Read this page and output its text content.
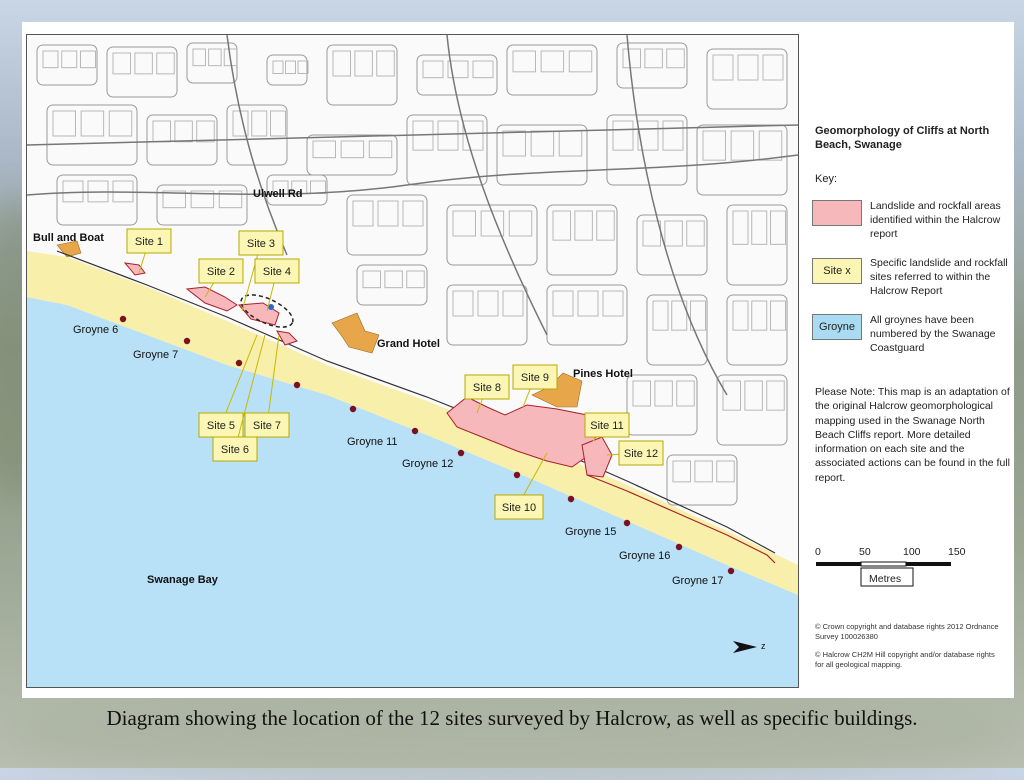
Ulwell Rd
Bull and Boat
Grand Hotel
Pines Hotel
Swanage Bay
Groyne 6
Groyne 7
Groyne 11
Groyne 12
Groyne 15
Groyne 16
Groyne 17
Site 1
Site 2
Site 3
Site 4
Site 5
Site 6
Site 7
Site 8
Site 9
Site 10
Site 11
Site 12
z
Geomorphology of Cliffs at North Beach, Swanage
Key:
Landslide and rockfall areas identified within the Halcrow report
Site x
Specific landslide and rockfall sites referred to within the Halcrow Report
Groyne
All groynes have been numbered by the Swanage Coastguard
Please Note: This map is an adaptation of the original Halcrow geomorphological mapping used in the Swanage North Beach Cliffs report. More detailed information on each site and the associated actions can be found in the full report.
0	50	100	150
Metres
© Crown copyright and database rights 2012 Ordnance Survey 100026380
© Halcrow CH2M Hill copyright and/or database rights for all geological mapping.
Diagram showing the location of the 12 sites surveyed by Halcrow, as well as specific buildings.
